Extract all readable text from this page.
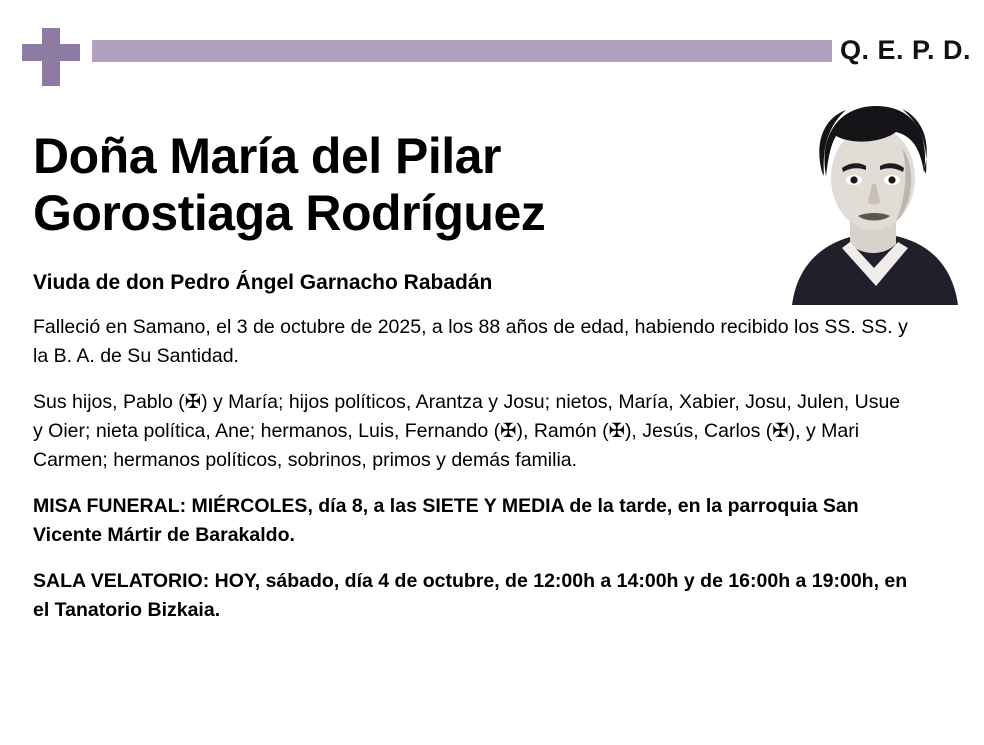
Q. E. P. D.
Doña María del Pilar Gorostiaga Rodríguez
Viuda de don Pedro Ángel Garnacho Rabadán
Falleció en Samano, el 3 de octubre de 2025, a los 88 años de edad, habiendo recibido los SS. SS. y la B. A. de Su Santidad.
Sus hijos, Pablo (✠) y María; hijos políticos, Arantza y Josu; nietos, María, Xabier, Josu, Julen, Usue y Oier; nieta política, Ane; hermanos, Luis, Fernando (✠), Ramón (✠), Jesús, Carlos (✠), y Mari Carmen; hermanos políticos, sobrinos, primos y demás familia.
MISA FUNERAL: MIÉRCOLES, día 8, a las SIETE Y MEDIA de la tarde, en la parroquia San Vicente Mártir de Barakaldo.
SALA VELATORIO: HOY, sábado, día 4 de octubre, de 12:00h a 14:00h y de 16:00h a 19:00h, en el Tanatorio Bizkaia.
